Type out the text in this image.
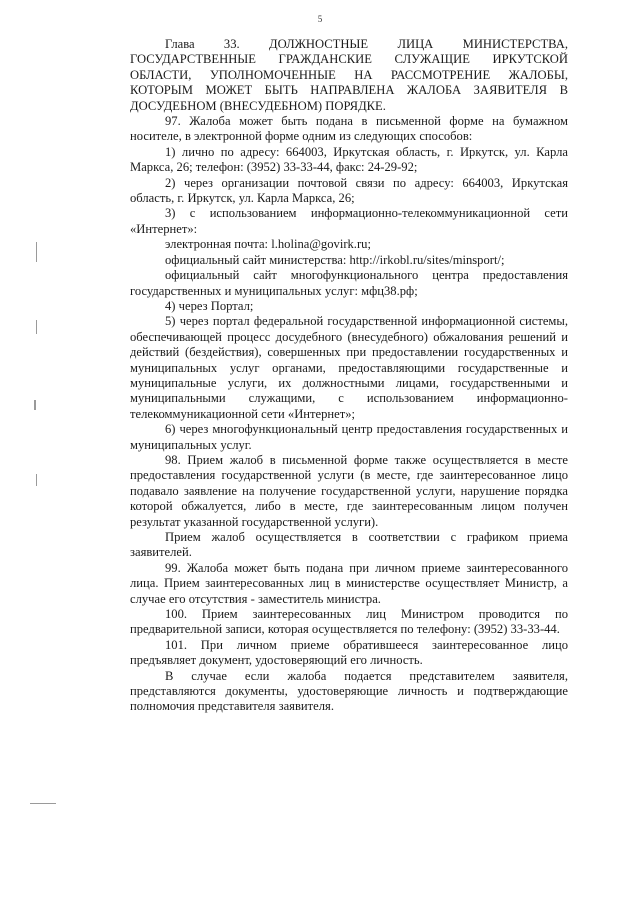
5

Глава 33. ДОЛЖНОСТНЫЕ ЛИЦА МИНИСТЕРСТВА, ГОСУДАРСТВЕННЫЕ ГРАЖДАНСКИЕ СЛУЖАЩИЕ ИРКУТСКОЙ ОБЛАСТИ, УПОЛНОМОЧЕННЫЕ НА РАССМОТРЕНИЕ ЖАЛОБЫ, КОТОРЫМ МОЖЕТ БЫТЬ НАПРАВЛЕНА ЖАЛОБА ЗАЯВИТЕЛЯ В ДОСУДЕБНОМ (ВНЕСУДЕБНОМ) ПОРЯДКЕ.

97. Жалоба может быть подана в письменной форме на бумажном носителе, в электронной форме одним из следующих способов:

1) лично по адресу: 664003, Иркутская область, г. Иркутск, ул. Карла Маркса, 26; телефон: (3952) 33-33-44, факс: 24-29-92;

2) через организации почтовой связи по адресу: 664003, Иркутская область, г. Иркутск, ул. Карла Маркса, 26;

3) с использованием информационно-телекоммуникационной сети «Интернет»:

электронная почта: l.holina@govirk.ru;

официальный сайт министерства: http://irkobl.ru/sites/minsport/;

официальный сайт многофункционального центра предоставления государственных и муниципальных услуг: мфц38.рф;

4) через Портал;

5) через портал федеральной государственной информационной системы, обеспечивающей процесс досудебного (внесудебного) обжалования решений и действий (бездействия), совершенных при предоставлении государственных и муниципальных услуг органами, предоставляющими государственные и муниципальные услуги, их должностными лицами, государственными и муниципальными служащими, с использованием информационно-телекоммуникационной сети «Интернет»;

6) через многофункциональный центр предоставления государственных и муниципальных услуг.

98. Прием жалоб в письменной форме также осуществляется в месте предоставления государственной услуги (в месте, где заинтересованное лицо подавало заявление на получение государственной услуги, нарушение порядка которой обжалуется, либо в месте, где заинтересованным лицом получен результат указанной государственной услуги).

Прием жалоб осуществляется в соответствии с графиком приема заявителей.

99. Жалоба может быть подана при личном приеме заинтересованного лица. Прием заинтересованных лиц в министерстве осуществляет Министр, а случае его отсутствия - заместитель министра.

100. Прием заинтересованных лиц Министром проводится по предварительной записи, которая осуществляется по телефону: (3952) 33-33-44.

101. При личном приеме обратившееся заинтересованное лицо предъявляет документ, удостоверяющий его личность.

В случае если жалоба подается представителем заявителя, представляются документы, удостоверяющие личность и подтверждающие полномочия представителя заявителя.
